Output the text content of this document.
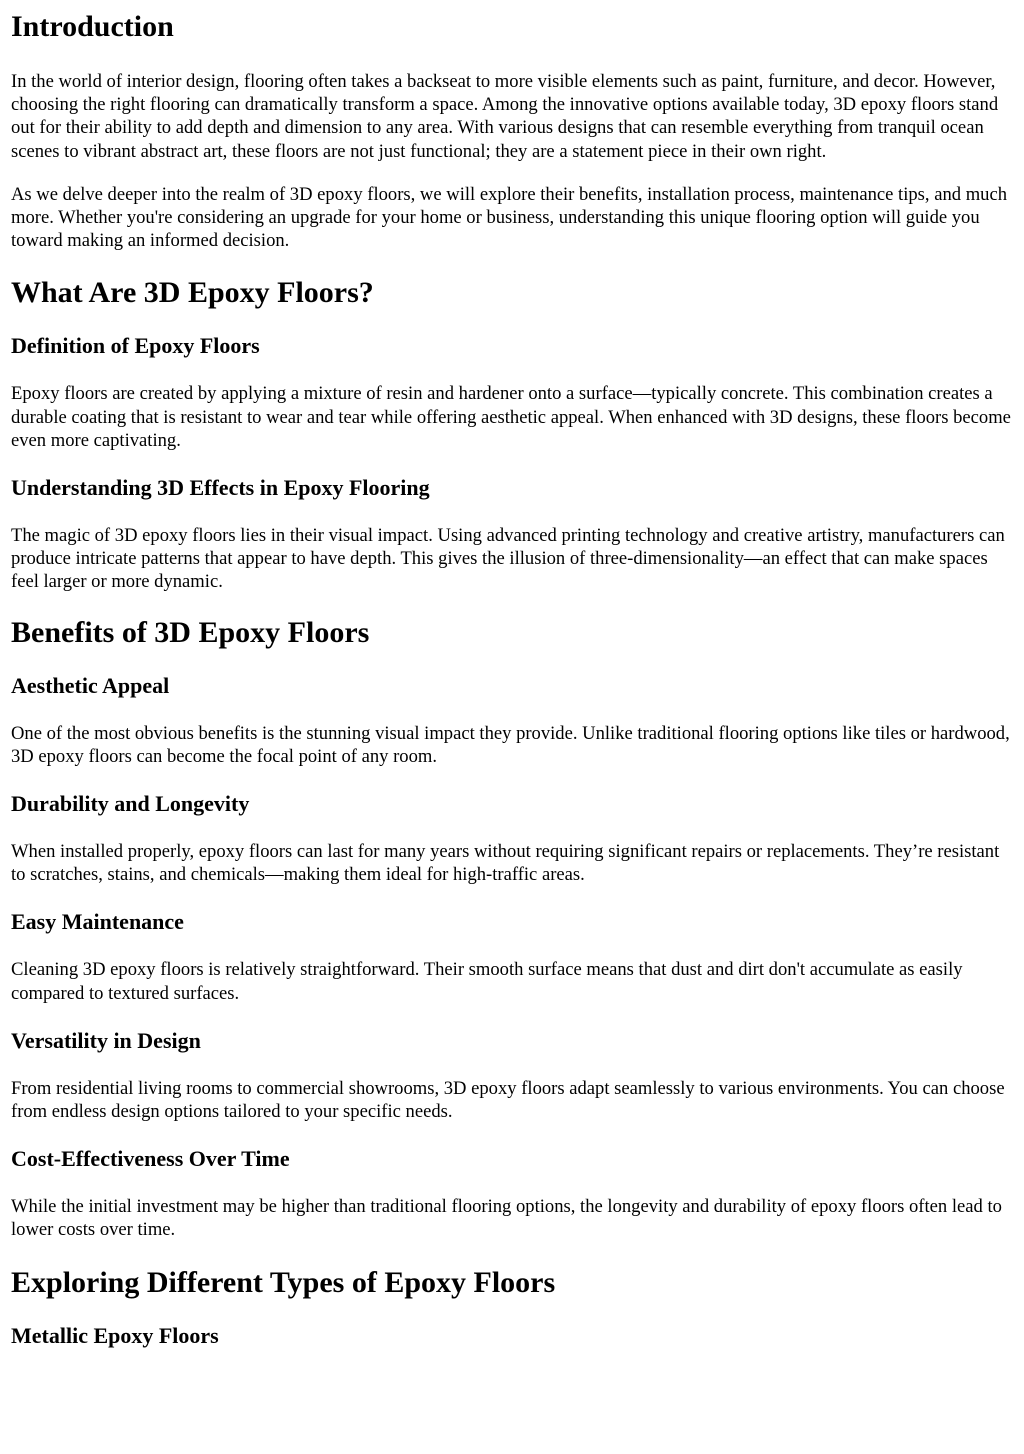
Introduction

In the world of interior design, flooring often takes a backseat to more visible elements such as paint, furniture, and decor. However, choosing the right flooring can dramatically transform a space. Among the innovative options available today, 3D epoxy floors stand out for their ability to add depth and dimension to any area. With various designs that can resemble everything from tranquil ocean scenes to vibrant abstract art, these floors are not just functional; they are a statement piece in their own right.

As we delve deeper into the realm of 3D epoxy floors, we will explore their benefits, installation process, maintenance tips, and much more. Whether you're considering an upgrade for your home or business, understanding this unique flooring option will guide you toward making an informed decision.

What Are 3D Epoxy Floors?
Definition of Epoxy Floors

Epoxy floors are created by applying a mixture of resin and hardener onto a surface—typically concrete. This combination creates a durable coating that is resistant to wear and tear while offering aesthetic appeal. When enhanced with 3D designs, these floors become even more captivating.

Understanding 3D Effects in Epoxy Flooring

The magic of 3D epoxy floors lies in their visual impact. Using advanced printing technology and creative artistry, manufacturers can produce intricate patterns that appear to have depth. This gives the illusion of three-dimensionality—an effect that can make spaces feel larger or more dynamic.

Benefits of 3D Epoxy Floors
Aesthetic Appeal

One of the most obvious benefits is the stunning visual impact they provide. Unlike traditional flooring options like tiles or hardwood, 3D epoxy floors can become the focal point of any room.

Durability and Longevity

When installed properly, epoxy floors can last for many years without requiring significant repairs or replacements. They’re resistant to scratches, stains, and chemicals—making them ideal for high-traffic areas.

Easy Maintenance

Cleaning 3D epoxy floors is relatively straightforward. Their smooth surface means that dust and dirt don't accumulate as easily compared to textured surfaces.

Versatility in Design

From residential living rooms to commercial showrooms, 3D epoxy floors adapt seamlessly to various environments. You can choose from endless design options tailored to your specific needs.

Cost-Effectiveness Over Time

While the initial investment may be higher than traditional flooring options, the longevity and durability of epoxy floors often lead to lower costs over time.

Exploring Different Types of Epoxy Floors
Metallic Epoxy Floors
